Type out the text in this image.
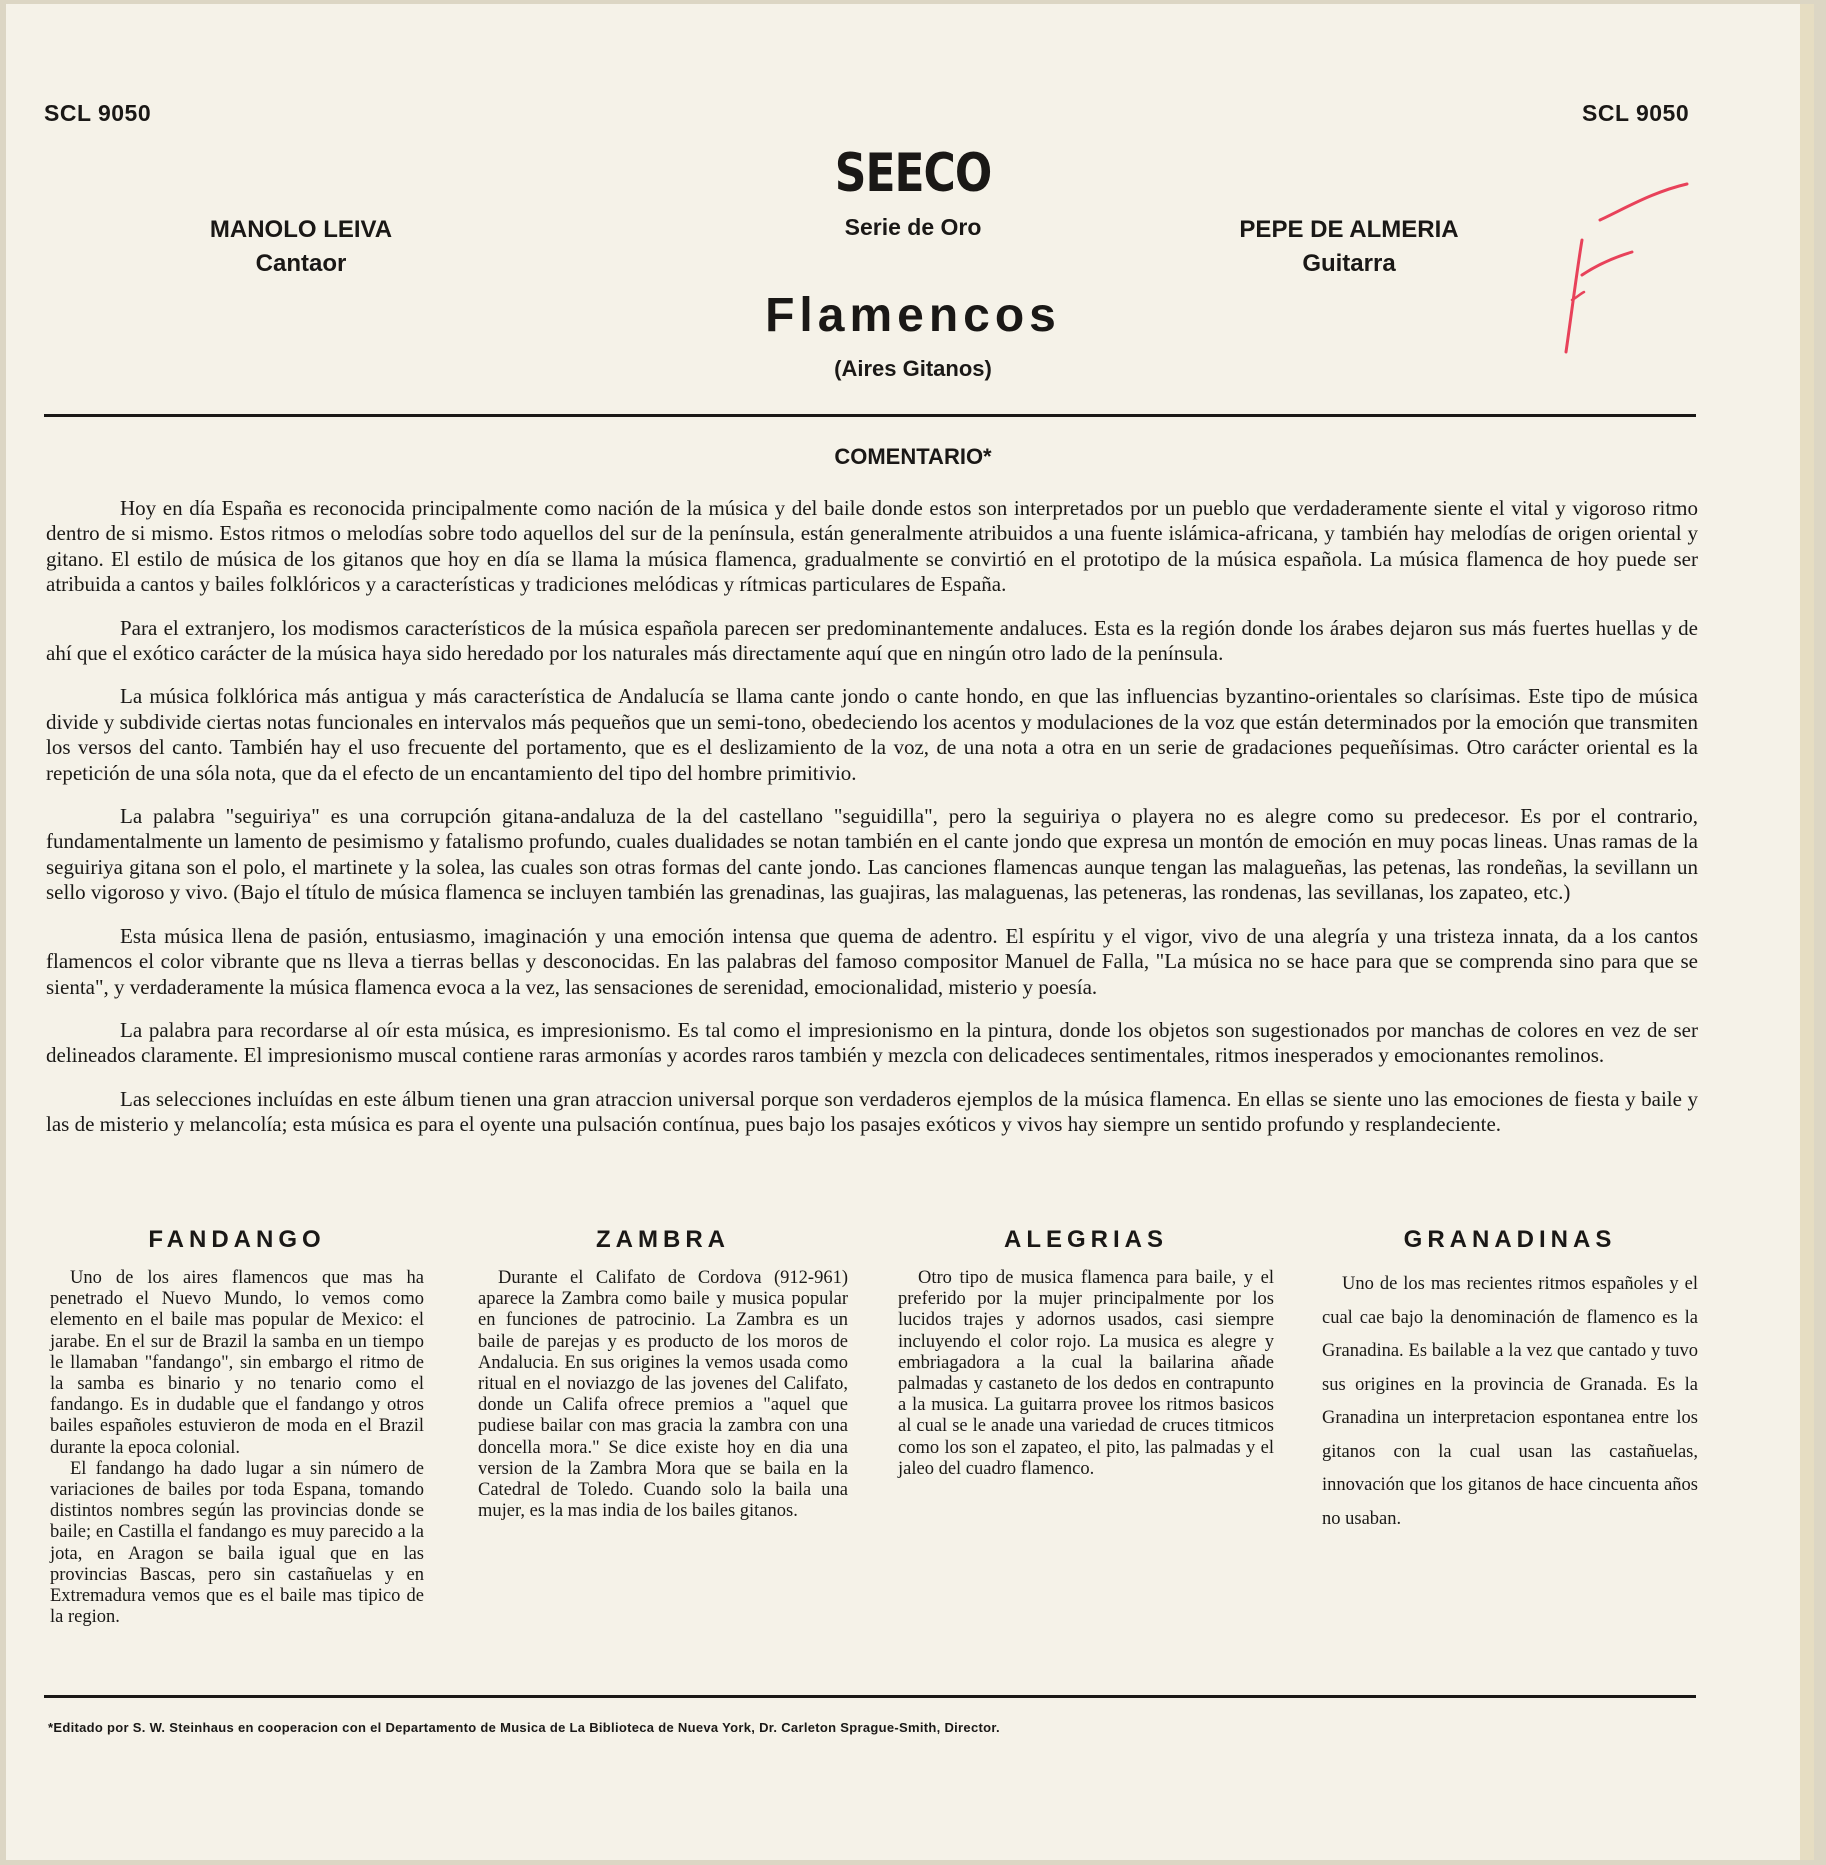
SCL 9050	SCL 9050
SEECO
Serie de Oro
Flamencos
(Aires Gitanos)
MANOLO LEIVA
Cantaor
PEPE DE ALMERIA
Guitarra
COMENTARIO*

Hoy en día España es reconocida principalmente como nación de la música y del baile donde estos son interpretados por un pueblo que verdaderamente siente el vital y vigoroso ritmo dentro de si mismo. Estos ritmos o melodías sobre todo aquellos del sur de la península, están generalmente atribuidos a una fuente islámica-africana, y también hay melodías de origen oriental y gitano. El estilo de música de los gitanos que hoy en día se llama la música flamenca, gradualmente se convirtió en el prototipo de la música española. La música flamenca de hoy puede ser atribuida a cantos y bailes folklóricos y a características y tradiciones melódicas y rítmicas particulares de España.

Para el extranjero, los modismos característicos de la música española parecen ser predominantemente andaluces. Esta es la región donde los árabes dejaron sus más fuertes huellas y de ahí que el exótico carácter de la música haya sido heredado por los naturales más directamente aquí que en ningún otro lado de la península.

La música folklórica más antigua y más característica de Andalucía se llama cante jondo o cante hondo, en que las influencias byzantino-orientales so clarísimas. Este tipo de música divide y subdivide ciertas notas funcionales en intervalos más pequeños que un semi-tono, obedeciendo los acentos y modulaciones de la voz que están determinados por la emoción que transmiten los versos del canto. También hay el uso frecuente del portamento, que es el deslizamiento de la voz, de una nota a otra en un serie de gradaciones pequeñísimas. Otro carácter oriental es la repetición de una sóla nota, que da el efecto de un encantamiento del tipo del hombre primitivio.

La palabra "seguiriya" es una corrupción gitana-andaluza de la del castellano "seguidilla", pero la seguiriya o playera no es alegre como su predecesor. Es por el contrario, fundamentalmente un lamento de pesimismo y fatalismo profundo, cuales dualidades se notan también en el cante jondo que expresa un montón de emoción en muy pocas lineas. Unas ramas de la seguiriya gitana son el polo, el martinete y la solea, las cuales son otras formas del cante jondo. Las canciones flamencas aunque tengan las malagueñas, las petenas, las rondeñas, la sevillann un sello vigoroso y vivo. (Bajo el título de música flamenca se incluyen también las grenadinas, las guajiras, las malaguenas, las peteneras, las rondenas, las sevillanas, los zapateo, etc.)

Esta música llena de pasión, entusiasmo, imaginación y una emoción intensa que quema de adentro. El espíritu y el vigor, vivo de una alegría y una tristeza innata, da a los cantos flamencos el color vibrante que ns lleva a tierras bellas y desconocidas. En las palabras del famoso compositor Manuel de Falla, "La música no se hace para que se comprenda sino para que se sienta", y verdaderamente la música flamenca evoca a la vez, las sensaciones de serenidad, emocionalidad, misterio y poesía.

La palabra para recordarse al oír esta música, es impresionismo. Es tal como el impresionismo en la pintura, donde los objetos son sugestionados por manchas de colores en vez de ser delineados claramente. El impresionismo muscal contiene raras armonías y acordes raros también y mezcla con delicadeces sentimentales, ritmos inesperados y emocionantes remolinos.

Las selecciones incluídas en este álbum tienen una gran atraccion universal porque son verdaderos ejemplos de la música flamenca. En ellas se siente uno las emociones de fiesta y baile y las de misterio y melancolía; esta música es para el oyente una pulsación contínua, pues bajo los pasajes exóticos y vivos hay siempre un sentido profundo y resplandeciente.

FANDANGO

Uno de los aires flamencos que mas ha penetrado el Nuevo Mundo, lo vemos como elemento en el baile mas popular de Mexico: el jarabe. En el sur de Brazil la samba en un tiempo le llamaban "fandango", sin embargo el ritmo de la samba es binario y no tenario como el fandango. Es in dudable que el fandango y otros bailes españoles estuvieron de moda en el Brazil durante la epoca colonial.

El fandango ha dado lugar a sin número de variaciones de bailes por toda Espana, tomando distintos nombres según las provincias donde se baile; en Castilla el fandango es muy parecido a la jota, en Aragon se baila igual que en las provincias Bascas, pero sin castañuelas y en Extremadura vemos que es el baile mas tipico de la region.

ZAMBRA

Durante el Califato de Cordova (912-961) aparece la Zambra como baile y musica popular en funciones de patrocinio. La Zambra es un baile de parejas y es producto de los moros de Andalucia. En sus origines la vemos usada como ritual en el noviazgo de las jovenes del Califato, donde un Califa ofrece premios a "aquel que pudiese bailar con mas gracia la zambra con una doncella mora." Se dice existe hoy en dia una version de la Zambra Mora que se baila en la Catedral de Toledo. Cuando solo la baila una mujer, es la mas india de los bailes gitanos.

ALEGRIAS

Otro tipo de musica flamenca para baile, y el preferido por la mujer principalmente por los lucidos trajes y adornos usados, casi siempre incluyendo el color rojo. La musica es alegre y embriagadora a la cual la bailarina añade palmadas y castaneto de los dedos en contrapunto a la musica. La guitarra provee los ritmos basicos al cual se le anade una variedad de cruces titmicos como los son el zapateo, el pito, las palmadas y el jaleo del cuadro flamenco.

GRANADINAS

Uno de los mas recientes ritmos españoles y el cual cae bajo la denominación de flamenco es la Granadina. Es bailable a la vez que cantado y tuvo sus origines en la provincia de Granada. Es la Granadina un interpretacion espontanea entre los gitanos con la cual usan las castañuelas, innovación que los gitanos de hace cincuenta años no usaban.

*Editado por S. W. Steinhaus en cooperacion con el Departamento de Musica de La Biblioteca de Nueva York, Dr. Carleton Sprague-Smith, Director.
